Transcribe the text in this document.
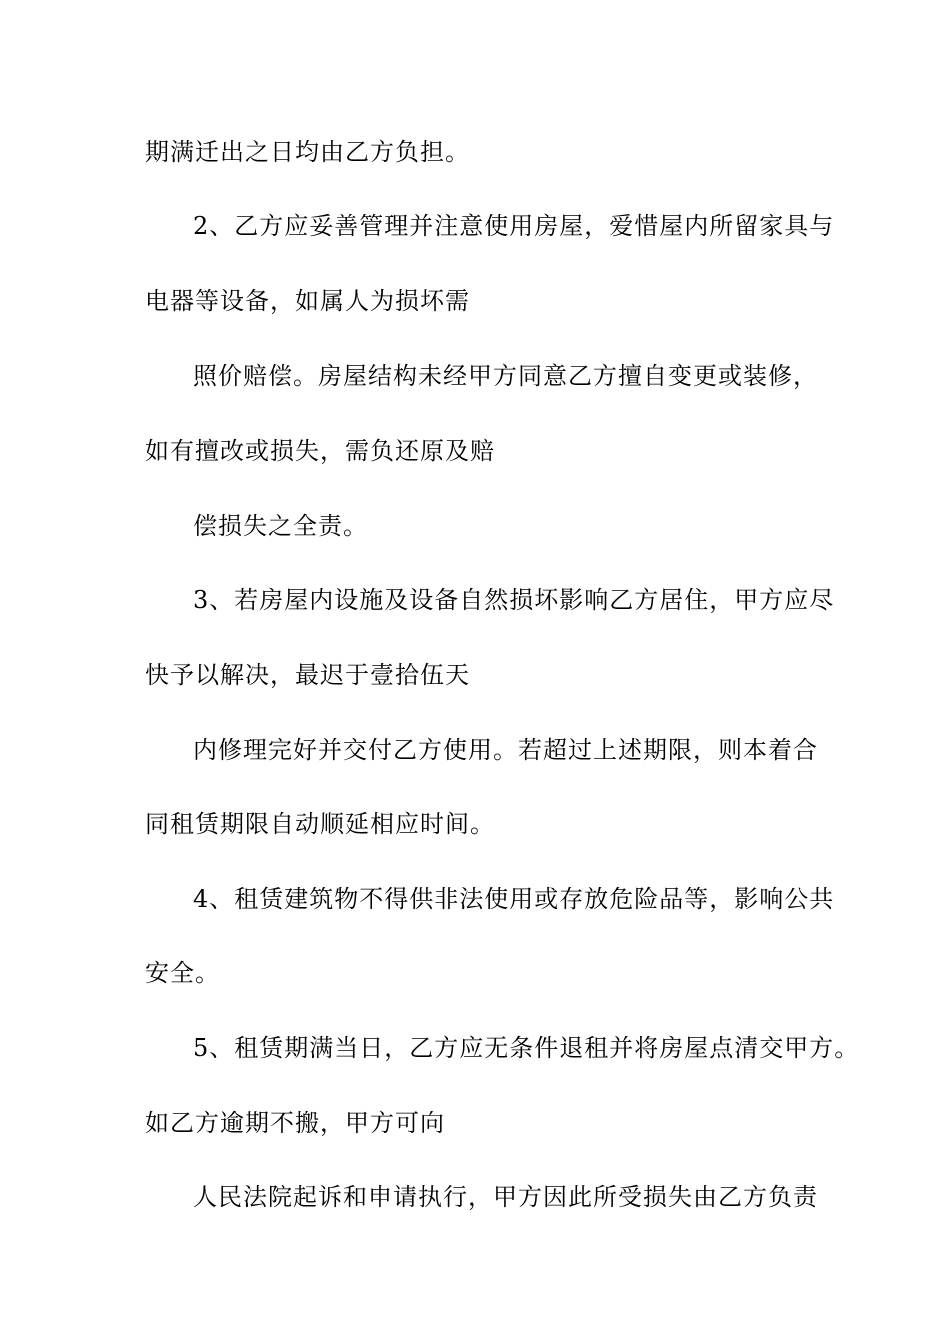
期满迁出之日均由乙方负担。
2、乙方应妥善管理并注意使用房屋，爱惜屋内所留家具与
电器等设备，如属人为损坏需
照价赔偿。房屋结构未经甲方同意乙方擅自变更或装修，
如有擅改或损失，需负还原及赔
偿损失之全责。
3、若房屋内设施及设备自然损坏影响乙方居住，甲方应尽
快予以解决，最迟于壹拾伍天
内修理完好并交付乙方使用。若超过上述期限，则本着合
同租赁期限自动顺延相应时间。
4、租赁建筑物不得供非法使用或存放危险品等，影响公共
安全。
5、租赁期满当日，乙方应无条件退租并将房屋点清交甲方。
如乙方逾期不搬，甲方可向
人民法院起诉和申请执行，甲方因此所受损失由乙方负责
